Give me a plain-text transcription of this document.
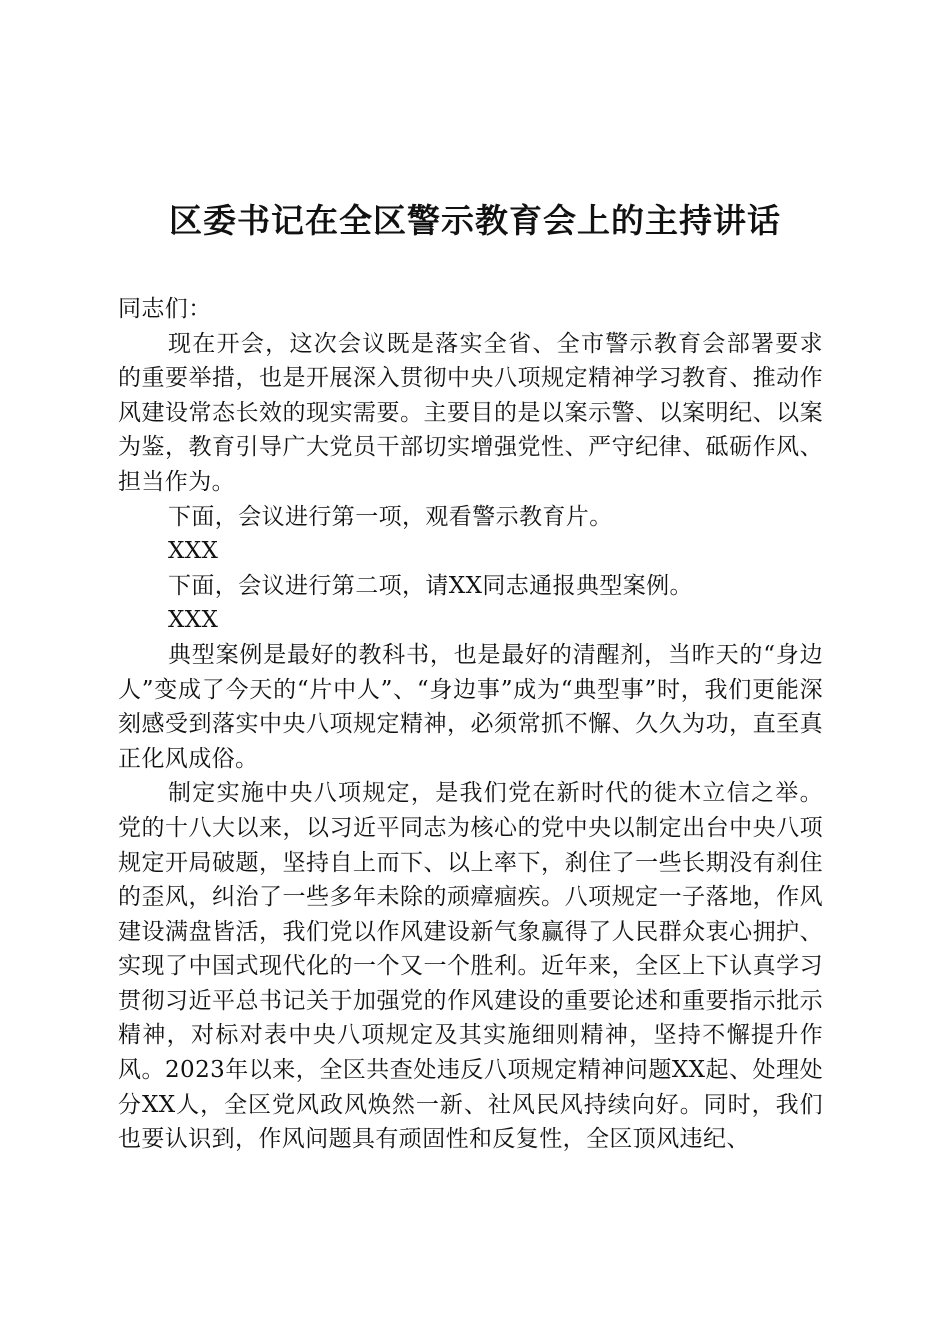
区委书记在全区警示教育会上的主持讲话

同志们：

现在开会，这次会议既是落实全省、全市警示教育会部署要求的重要举措，也是开展深入贯彻中央八项规定精神学习教育、推动作风建设常态长效的现实需要。主要目的是以案示警、以案明纪、以案为鉴，教育引导广大党员干部切实增强党性、严守纪律、砥砺作风、担当作为。

下面，会议进行第一项，观看警示教育片。

XXX

下面，会议进行第二项，请XX同志通报典型案例。

XXX

典型案例是最好的教科书，也是最好的清醒剂，当昨天的“身边人”变成了今天的“片中人”、“身边事”成为“典型事”时，我们更能深刻感受到落实中央八项规定精神，必须常抓不懈、久久为功，直至真正化风成俗。

制定实施中央八项规定，是我们党在新时代的徙木立信之举。党的十八大以来，以习近平同志为核心的党中央以制定出台中央八项规定开局破题，坚持自上而下、以上率下，刹住了一些长期没有刹住的歪风，纠治了一些多年未除的顽瘴痼疾。八项规定一子落地，作风建设满盘皆活，我们党以作风建设新气象赢得了人民群众衷心拥护、实现了中国式现代化的一个又一个胜利。近年来，全区上下认真学习贯彻习近平总书记关于加强党的作风建设的重要论述和重要指示批示精神，对标对表中央八项规定及其实施细则精神，坚持不懈提升作风。2023年以来，全区共查处违反八项规定精神问题XX起、处理处分XX人，全区党风政风焕然一新、社风民风持续向好。同时，我们也要认识到，作风问题具有顽固性和反复性，全区顶风违纪、
